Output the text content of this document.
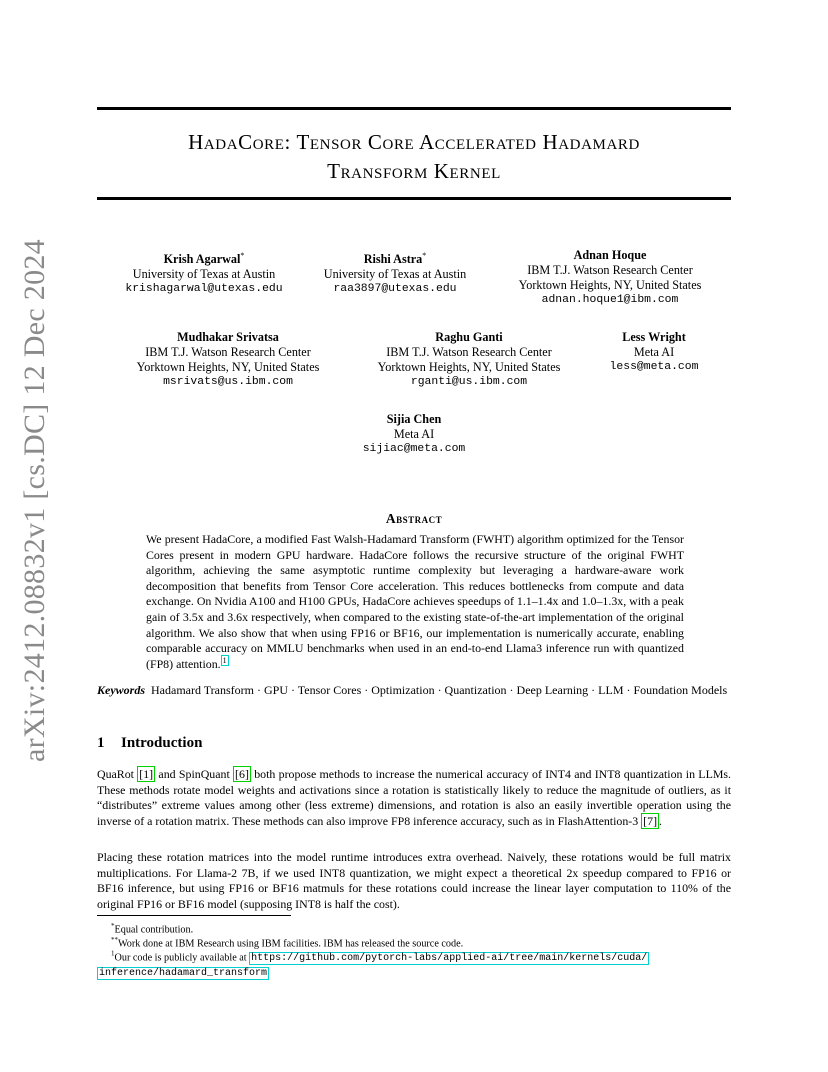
arXiv:2412.08832v1 [cs.DC] 12 Dec 2024
HadaCore: Tensor Core Accelerated Hadamard
Transform Kernel
Krish Agarwal*
University of Texas at Austin
krishagarwal@utexas.edu
Rishi Astra*
University of Texas at Austin
raa3897@utexas.edu
Adnan Hoque
IBM T.J. Watson Research Center
Yorktown Heights, NY, United States
adnan.hoque1@ibm.com
Mudhakar Srivatsa
IBM T.J. Watson Research Center
Yorktown Heights, NY, United States
msrivats@us.ibm.com
Raghu Ganti
IBM T.J. Watson Research Center
Yorktown Heights, NY, United States
rganti@us.ibm.com
Less Wright
Meta AI
less@meta.com
Sijia Chen
Meta AI
sijiac@meta.com
Abstract
We present HadaCore, a modified Fast Walsh-Hadamard Transform (FWHT) algorithm optimized for the Tensor Cores present in modern GPU hardware. HadaCore follows the recursive structure of the original FWHT algorithm, achieving the same asymptotic runtime complexity but leveraging a hardware-aware work decomposition that benefits from Tensor Core acceleration. This reduces bottlenecks from compute and data exchange. On Nvidia A100 and H100 GPUs, HadaCore achieves speedups of 1.1–1.4x and 1.0–1.3x, with a peak gain of 3.5x and 3.6x respectively, when compared to the existing state-of-the-art implementation of the original algorithm. We also show that when using FP16 or BF16, our implementation is numerically accurate, enabling comparable accuracy on MMLU benchmarks when used in an end-to-end Llama3 inference run with quantized (FP8) attention. $^1$
Keywords Hadamard Transform · GPU · Tensor Cores · Optimization · Quantization · Deep Learning · LLM · Foundation Models
1 Introduction
QuaRot [1] and SpinQuant [6] both propose methods to increase the numerical accuracy of INT4 and INT8 quantization in LLMs. These methods rotate model weights and activations since a rotation is statistically likely to reduce the magnitude of outliers, as it “distributes” extreme values among other (less extreme) dimensions, and rotation is also an easily invertible operation using the inverse of a rotation matrix. These methods can also improve FP8 inference accuracy, such as in FlashAttention-3 [7] .
Placing these rotation matrices into the model runtime introduces extra overhead. Naively, these rotations would be full matrix multiplications. For Llama-2 7B, if we used INT8 quantization, we might expect a theoretical 2x speedup compared to FP16 or BF16 inference, but using FP16 or BF16 matmuls for these rotations could increase the linear layer computation to 110% of the original FP16 or BF16 model (supposing INT8 is half the cost).
*Equal contribution.
**Work done at IBM Research using IBM facilities. IBM has released the source code.
$^1$Our code is publicly available at https://github.com/pytorch-labs/applied-ai/tree/main/kernels/cuda/
inference/hadamard_transform
